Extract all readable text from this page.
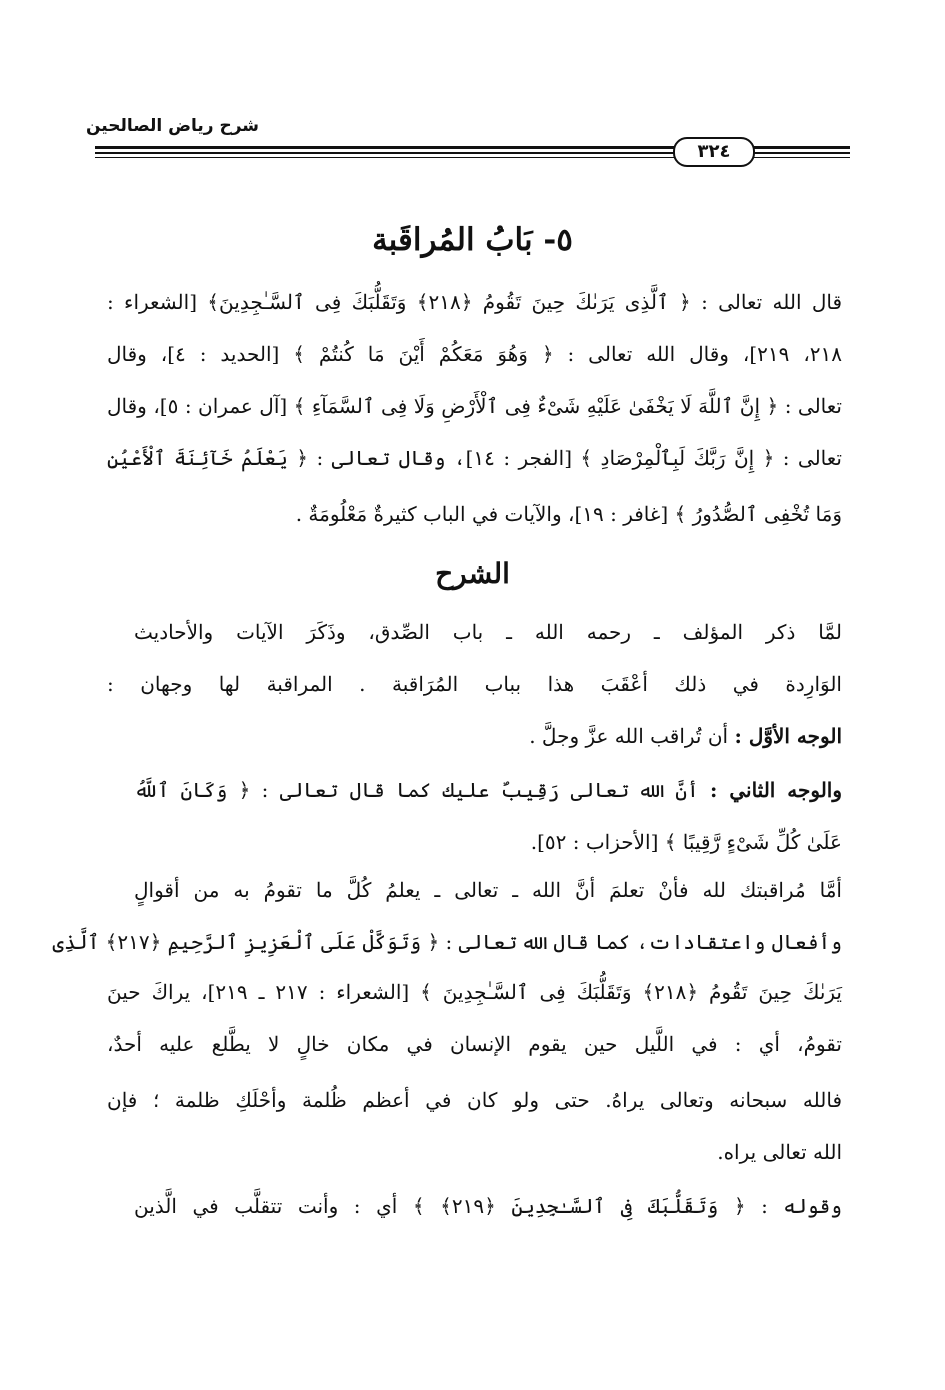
شرح رياض الصالحين
٣٢٤
٥- بَابُ المُراقَبة
قال الله تعالى : ﴿ ٱلَّذِى يَرَىٰكَ حِينَ تَقُومُ ﴿٢١٨﴾ وَتَقَلُّبَكَ فِى ٱلسَّـٰجِدِينَ﴾ [الشعراء :
٢١٨، ٢١٩]، وقال الله تعالى : ﴿ وَهُوَ مَعَكُمْ أَيْنَ مَا كُنتُمْ ﴾ [الحديد : ٤]، وقال
تعالى : ﴿ إِنَّ ٱللَّهَ لَا يَخْفَىٰ عَلَيْهِ شَىْءٌ فِى ٱلْأَرْضِ وَلَا فِى ٱلسَّمَآءِ ﴾ [آل عمران : ٥]، وقال
تعالى : ﴿ إِنَّ رَبَّكَ لَبِٱلْمِرْصَادِ ﴾ [الفجر : ١٤]، وقال تعالى : ﴿ يَعْلَمُ خَآئِنَةَ ٱلْأَعْيُنِ
وَمَا تُخْفِى ٱلصُّدُورُ ﴾ [غافر : ١٩]، والآيات في الباب كثيرةٌ مَعْلُومَةٌ .
الشرح
لمَّا ذكر المؤلف ـ رحمه الله ـ باب الصِّدق، وذَكَرَ الآيات والأحاديث
الوَارِدة في ذلك أعْقَبَ هذا بباب المُرَاقبة . المراقبة لها وجهان :
الوجه الأوَّل : أن تُراقب الله عزَّ وجلَّ .
والوجه الثاني : أنَّ الله تعالى رَقِيبٌ عليك كما قال تعالى : ﴿ وَكَانَ ٱللَّهُ
عَلَىٰ كُلِّ شَىْءٍ رَّقِيبًا ﴾ [الأحزاب : ٥٢].
أمَّا مُراقبتك لله فأنْ تعلمَ أنَّ الله ـ تعالى ـ يعلمُ كُلَّ ما تقومُ به من أقوالٍ
وأفعال واعتقادات، كما قال الله تعالى : ﴿ وَتَوَكَّلْ عَلَى ٱلْعَزِيزِ ٱلرَّحِيمِ ﴿٢١٧﴾ ٱلَّذِى
يَرَىٰكَ حِينَ تَقُومُ ﴿٢١٨﴾ وَتَقَلُّبَكَ فِى ٱلسَّـٰجِدِينَ ﴾ [الشعراء : ٢١٧ ـ ٢١٩]، يراكَ حينَ
تقومُ، أي : في اللَّيل حين يقوم الإنسان في مكان خالٍ لا يطَّلع عليه أحدٌ،
فالله سبحانه وتعالى يراهُ. حتى ولو كان في أعظم ظُلمة وأحْلَكِ ظلمة ؛ فإن
الله تعالى يراه.
وقوله : ﴿ وَتَقَلُّبَكَ فِى ٱلسَّـٰجِدِينَ ﴿٢١٩﴾ ﴾ أي : وأنت تتقلَّب في الَّذين
